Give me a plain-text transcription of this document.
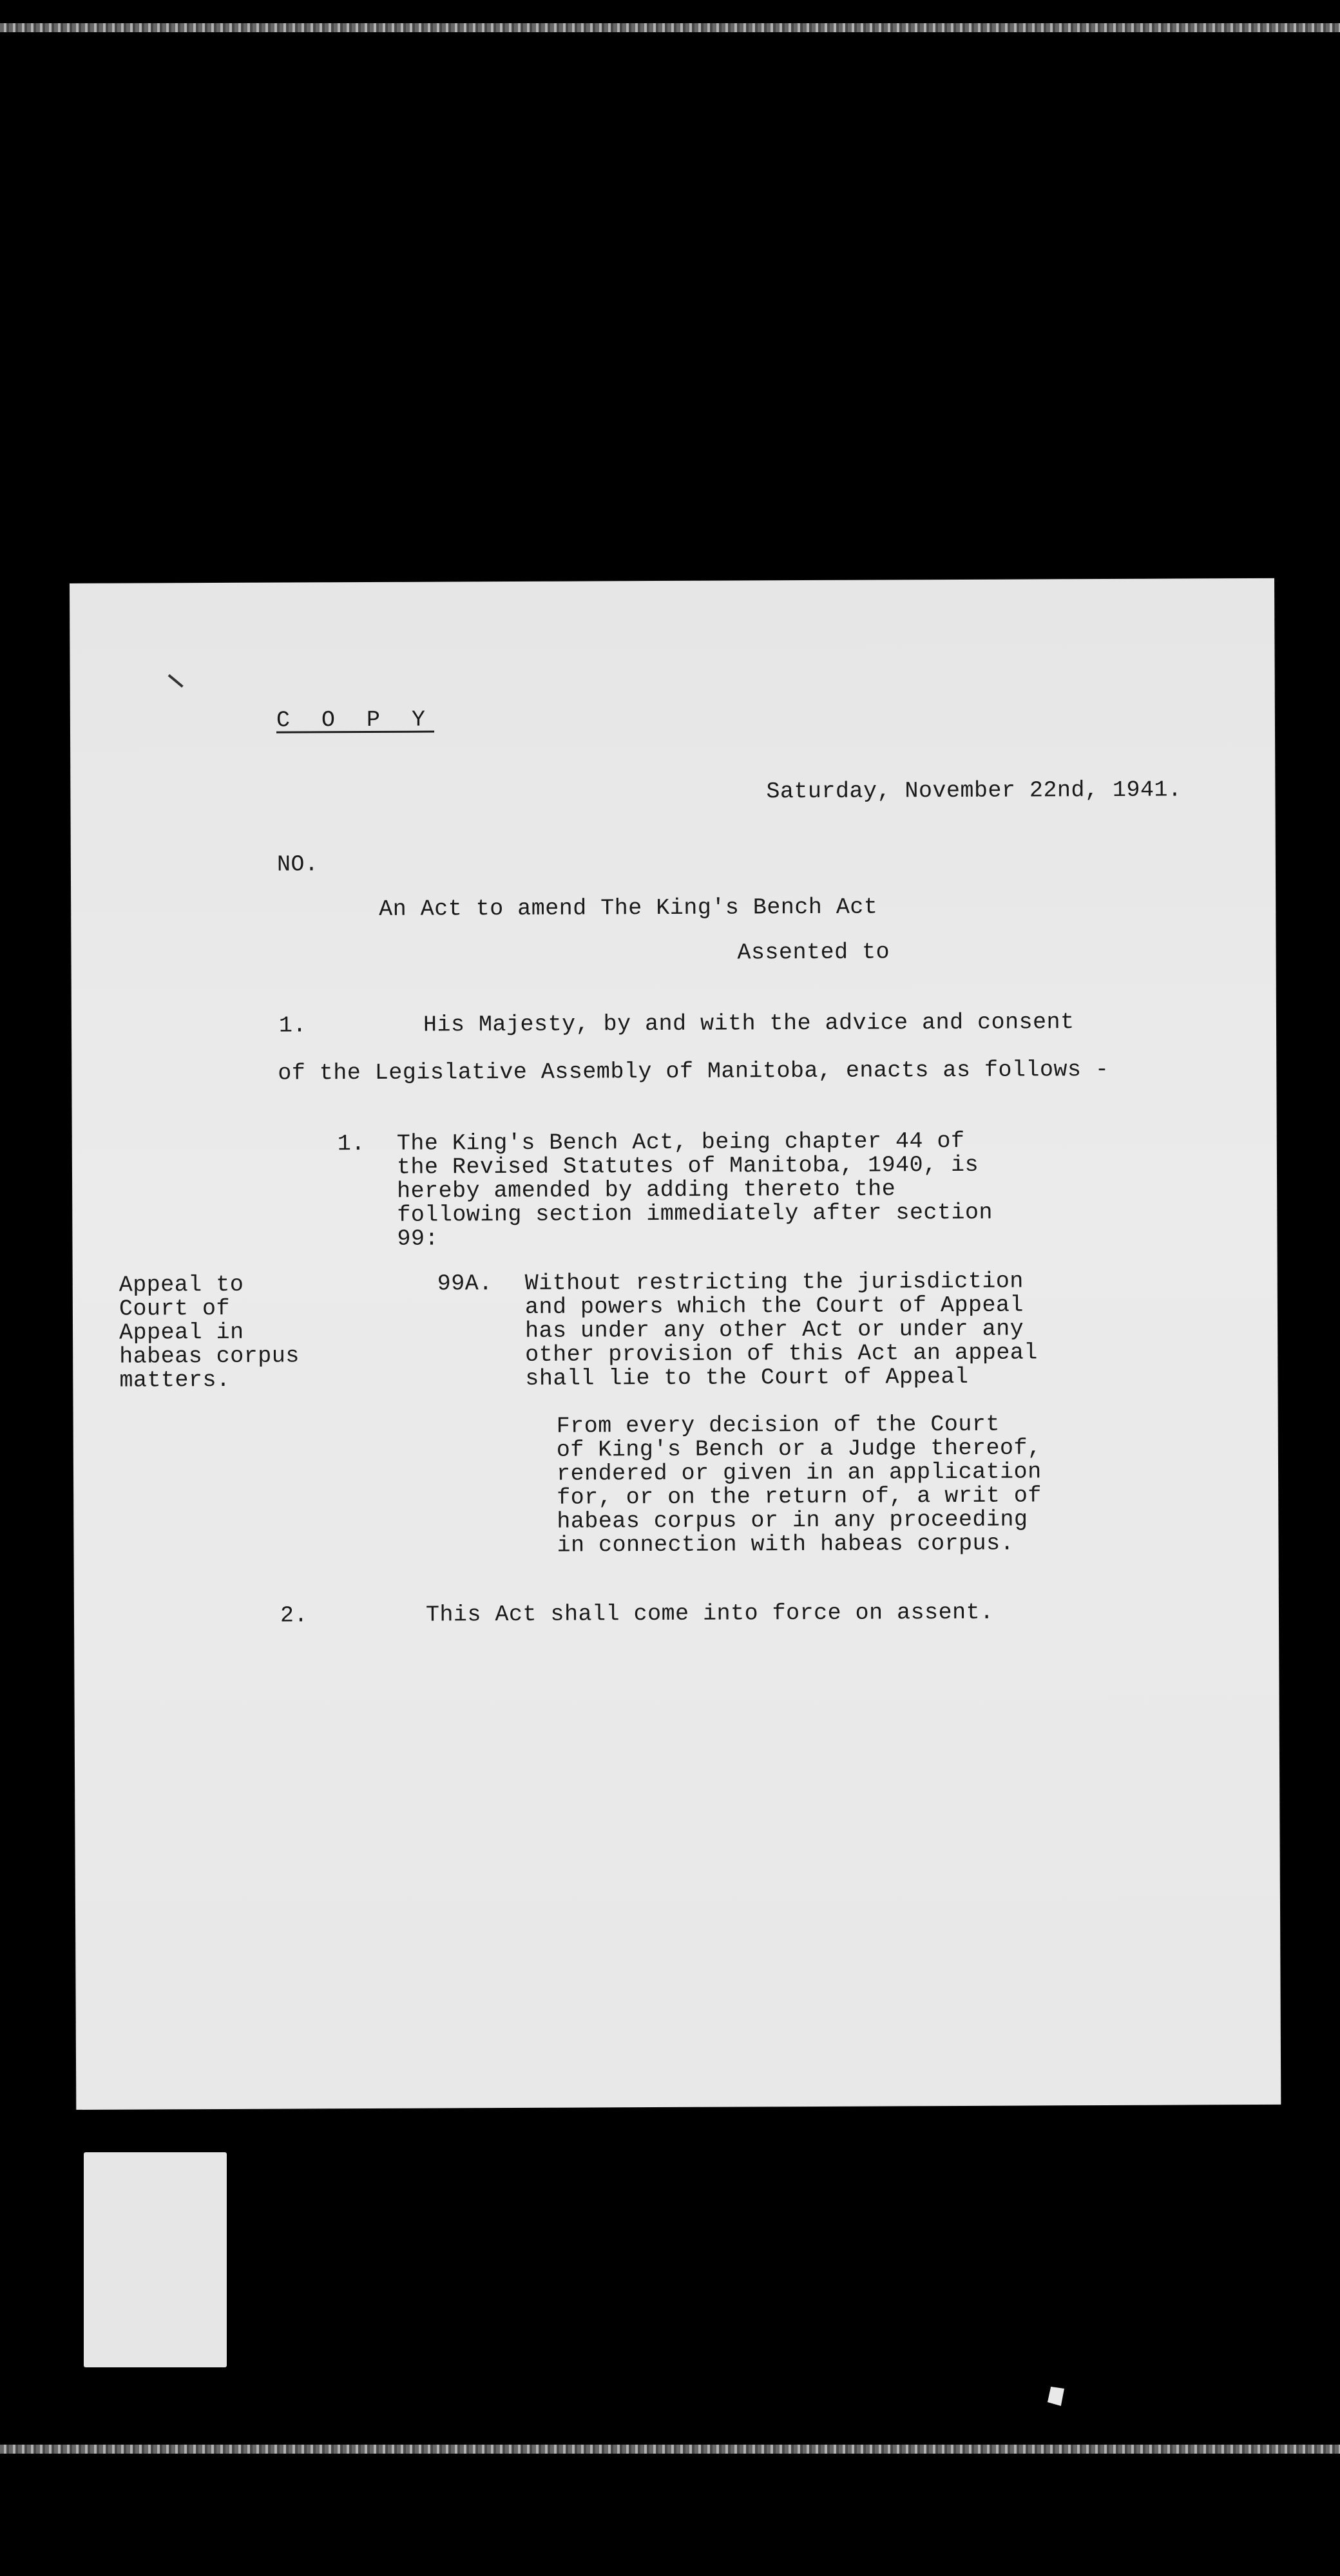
C O P Y

Saturday, November 22nd, 1941.

NO.

An Act to amend The King's Bench Act

Assented to

1.	His Majesty, by and with the advice and consent

of the Legislative Assembly of Manitoba, enacts as follows -

1. The King's Bench Act, being chapter 44 of
the Revised Statutes of Manitoba, 1940, is
hereby amended by adding thereto the
following section immediately after section
99:

Appeal to
Court of
Appeal in
habeas corpus
matters.

99A. Without restricting the jurisdiction
and powers which the Court of Appeal
has under any other Act or under any
other provision of this Act an appeal
shall lie to the Court of Appeal

From every decision of the Court
of King's Bench or a Judge thereof,
rendered or given in an application
for, or on the return of, a writ of
habeas corpus or in any proceeding
in connection with habeas corpus.

2.	This Act shall come into force on assent.
